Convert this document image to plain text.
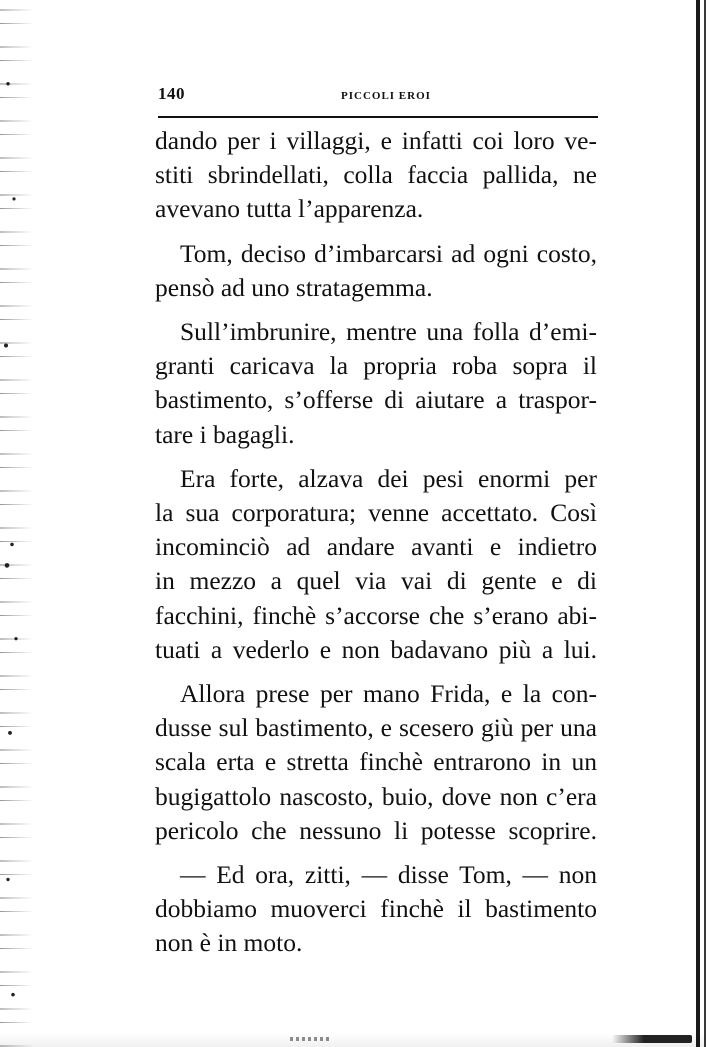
140	PICCOLI EROI

dando per i villaggi, e infatti coi loro ve-
stiti sbrindellati, colla faccia pallida, ne
avevano tutta l’apparenza.

Tom, deciso d’imbarcarsi ad ogni costo,
pensò ad uno stratagemma.

Sull’imbrunire, mentre una folla d’emi-
granti caricava la propria roba sopra il
bastimento, s’offerse di aiutare a traspor-
tare i bagagli.

Era forte, alzava dei pesi enormi per
la sua corporatura; venne accettato. Così
incominciò ad andare avanti e indietro
in mezzo a quel via vai di gente e di
facchini, finchè s’accorse che s’erano abi-
tuati a vederlo e non badavano più a lui.

Allora prese per mano Frida, e la con-
dusse sul bastimento, e scesero giù per una
scala erta e stretta finchè entrarono in un
bugigattolo nascosto, buio, dove non c’era
pericolo che nessuno li potesse scoprire.

— Ed ora, zitti, — disse Tom, — non
dobbiamo muoverci finchè il bastimento
non è in moto.
